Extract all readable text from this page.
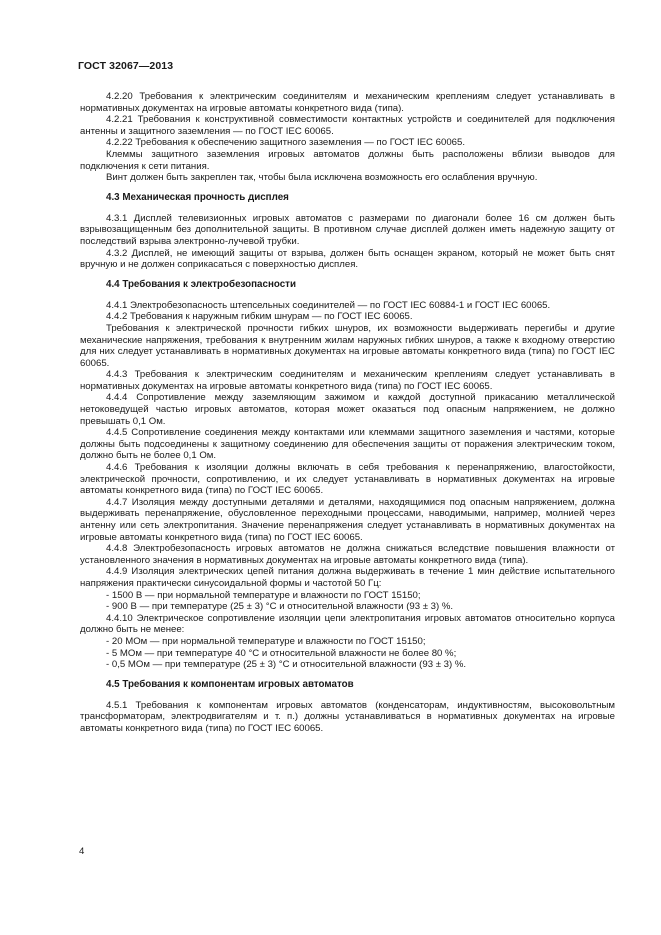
ГОСТ 32067—2013

4.2.20 Требования к электрическим соединителям и механическим креплениям следует устанавливать в нормативных документах на игровые автоматы конкретного вида (типа).

4.2.21 Требования к конструктивной совместимости контактных устройств и соединителей для подключения антенны и защитного заземления — по ГОСТ IEC 60065.

4.2.22 Требования к обеспечению защитного заземления — по ГОСТ IEC 60065.

Клеммы защитного заземления игровых автоматов должны быть расположены вблизи выводов для подключения к сети питания.

Винт должен быть закреплен так, чтобы была исключена возможность его ослабления вручную.

4.3 Механическая прочность дисплея

4.3.1 Дисплей телевизионных игровых автоматов с размерами по диагонали более 16 см должен быть взрывозащищенным без дополнительной защиты. В противном случае дисплей должен иметь надежную защиту от последствий взрыва электронно-лучевой трубки.

4.3.2 Дисплей, не имеющий защиты от взрыва, должен быть оснащен экраном, который не может быть снят вручную и не должен соприкасаться с поверхностью дисплея.

4.4 Требования к электробезопасности

4.4.1 Электробезопасность штепсельных соединителей — по ГОСТ IEC 60884-1 и ГОСТ IEC 60065.

4.4.2 Требования к наружным гибким шнурам — по ГОСТ IEC 60065.

Требования к электрической прочности гибких шнуров, их возможности выдерживать перегибы и другие механические напряжения, требования к внутренним жилам наружных гибких шнуров, а также к входному отверстию для них следует устанавливать в нормативных документах на игровые автоматы конкретного вида (типа) по ГОСТ IEC 60065.

4.4.3 Требования к электрическим соединителям и механическим креплениям следует устанавливать в нормативных документах на игровые автоматы конкретного вида (типа) по ГОСТ IEC 60065.

4.4.4 Сопротивление между заземляющим зажимом и каждой доступной прикасанию металлической нетоковедущей частью игровых автоматов, которая может оказаться под опасным напряжением, не должно превышать 0,1 Ом.

4.4.5 Сопротивление соединения между контактами или клеммами защитного заземления и частями, которые должны быть подсоединены к защитному соединению для обеспечения защиты от поражения электрическим током, должно быть не более 0,1 Ом.

4.4.6 Требования к изоляции должны включать в себя требования к перенапряжению, влагостойкости, электрической прочности, сопротивлению, и их следует устанавливать в нормативных документах на игровые автоматы конкретного вида (типа) по ГОСТ IEC 60065.

4.4.7 Изоляция между доступными деталями и деталями, находящимися под опасным напряжением, должна выдерживать перенапряжение, обусловленное переходными процессами, наводимыми, например, молнией через антенну или сеть электропитания. Значение перенапряжения следует устанавливать в нормативных документах на игровые автоматы конкретного вида (типа) по ГОСТ IEC 60065.

4.4.8 Электробезопасность игровых автоматов не должна снижаться вследствие повышения влажности от установленного значения в нормативных документах на игровые автоматы конкретного вида (типа).

4.4.9 Изоляция электрических цепей питания должна выдерживать в течение 1 мин действие испытательного напряжения практически синусоидальной формы и частотой 50 Гц:

- 1500 В — при нормальной температуре и влажности по ГОСТ 15150;

- 900 В — при температуре (25 ± 3) °С и относительной влажности (93 ± 3) %.

4.4.10 Электрическое сопротивление изоляции цепи электропитания игровых автоматов относительно корпуса должно быть не менее:

- 20 МОм — при нормальной температуре и влажности по ГОСТ 15150;

- 5 МОм — при температуре 40 °С и относительной влажности не более 80 %;

- 0,5 МОм — при температуре (25 ± 3) °С и относительной влажности (93 ± 3) %.

4.5 Требования к компонентам игровых автоматов

4.5.1 Требования к компонентам игровых автоматов (конденсаторам, индуктивностям, высоковольтным трансформаторам, электродвигателям и т. п.) должны устанавливаться в нормативных документах на игровые автоматы конкретного вида (типа) по ГОСТ IEC 60065.

4
